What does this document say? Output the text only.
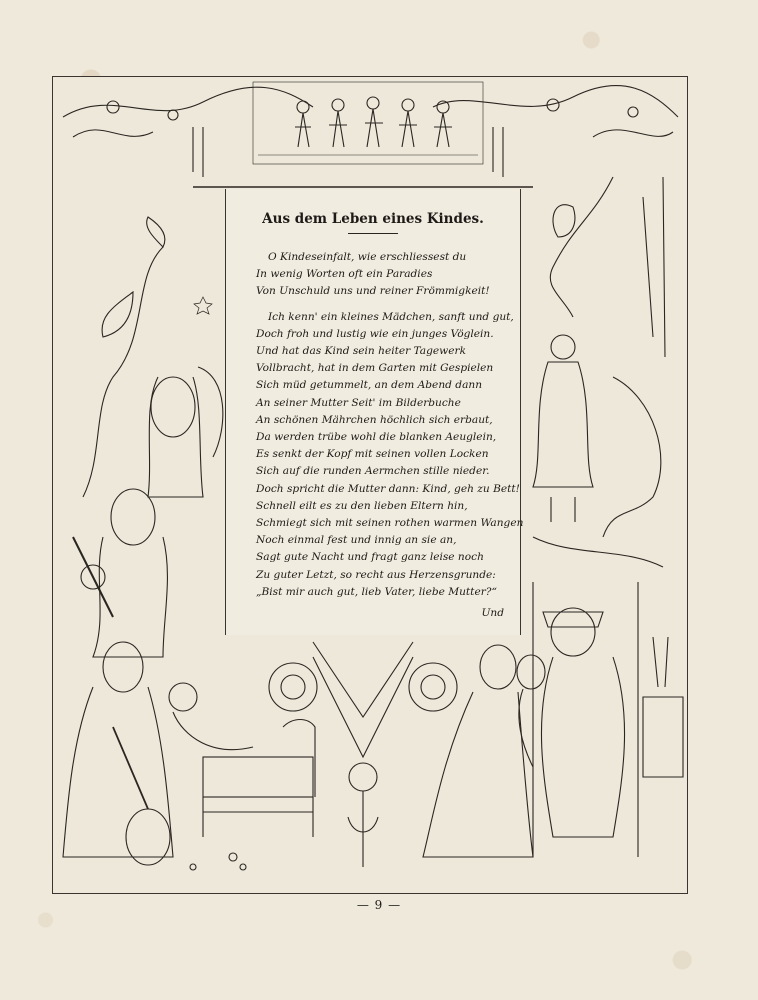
Aus dem Leben eines Kindes.
O Kindeseinfalt, wie erschliessest du
In wenig Worten oft ein Paradies
Von Unschuld uns und reiner Frömmigkeit!
Ich kenn' ein kleines Mädchen, sanft und gut,
Doch froh und lustig wie ein junges Vöglein.
Und hat das Kind sein heiter Tagewerk
Vollbracht, hat in dem Garten mit Gespielen
Sich müd getummelt, an dem Abend dann
An seiner Mutter Seit' im Bilderbuche
An schönen Mährchen höchlich sich erbaut,
Da werden trübe wohl die blanken Aeuglein,
Es senkt der Kopf mit seinen vollen Locken
Sich auf die runden Aermchen stille nieder.
Doch spricht die Mutter dann: Kind, geh zu Bett!
Schnell eilt es zu den lieben Eltern hin,
Schmiegt sich mit seinen rothen warmen Wangen
Noch einmal fest und innig an sie an,
Sagt gute Nacht und fragt ganz leise noch
Zu guter Letzt, so recht aus Herzensgrunde:
„Bist mir auch gut, lieb Vater, liebe Mutter?“
Und
— 9 —
